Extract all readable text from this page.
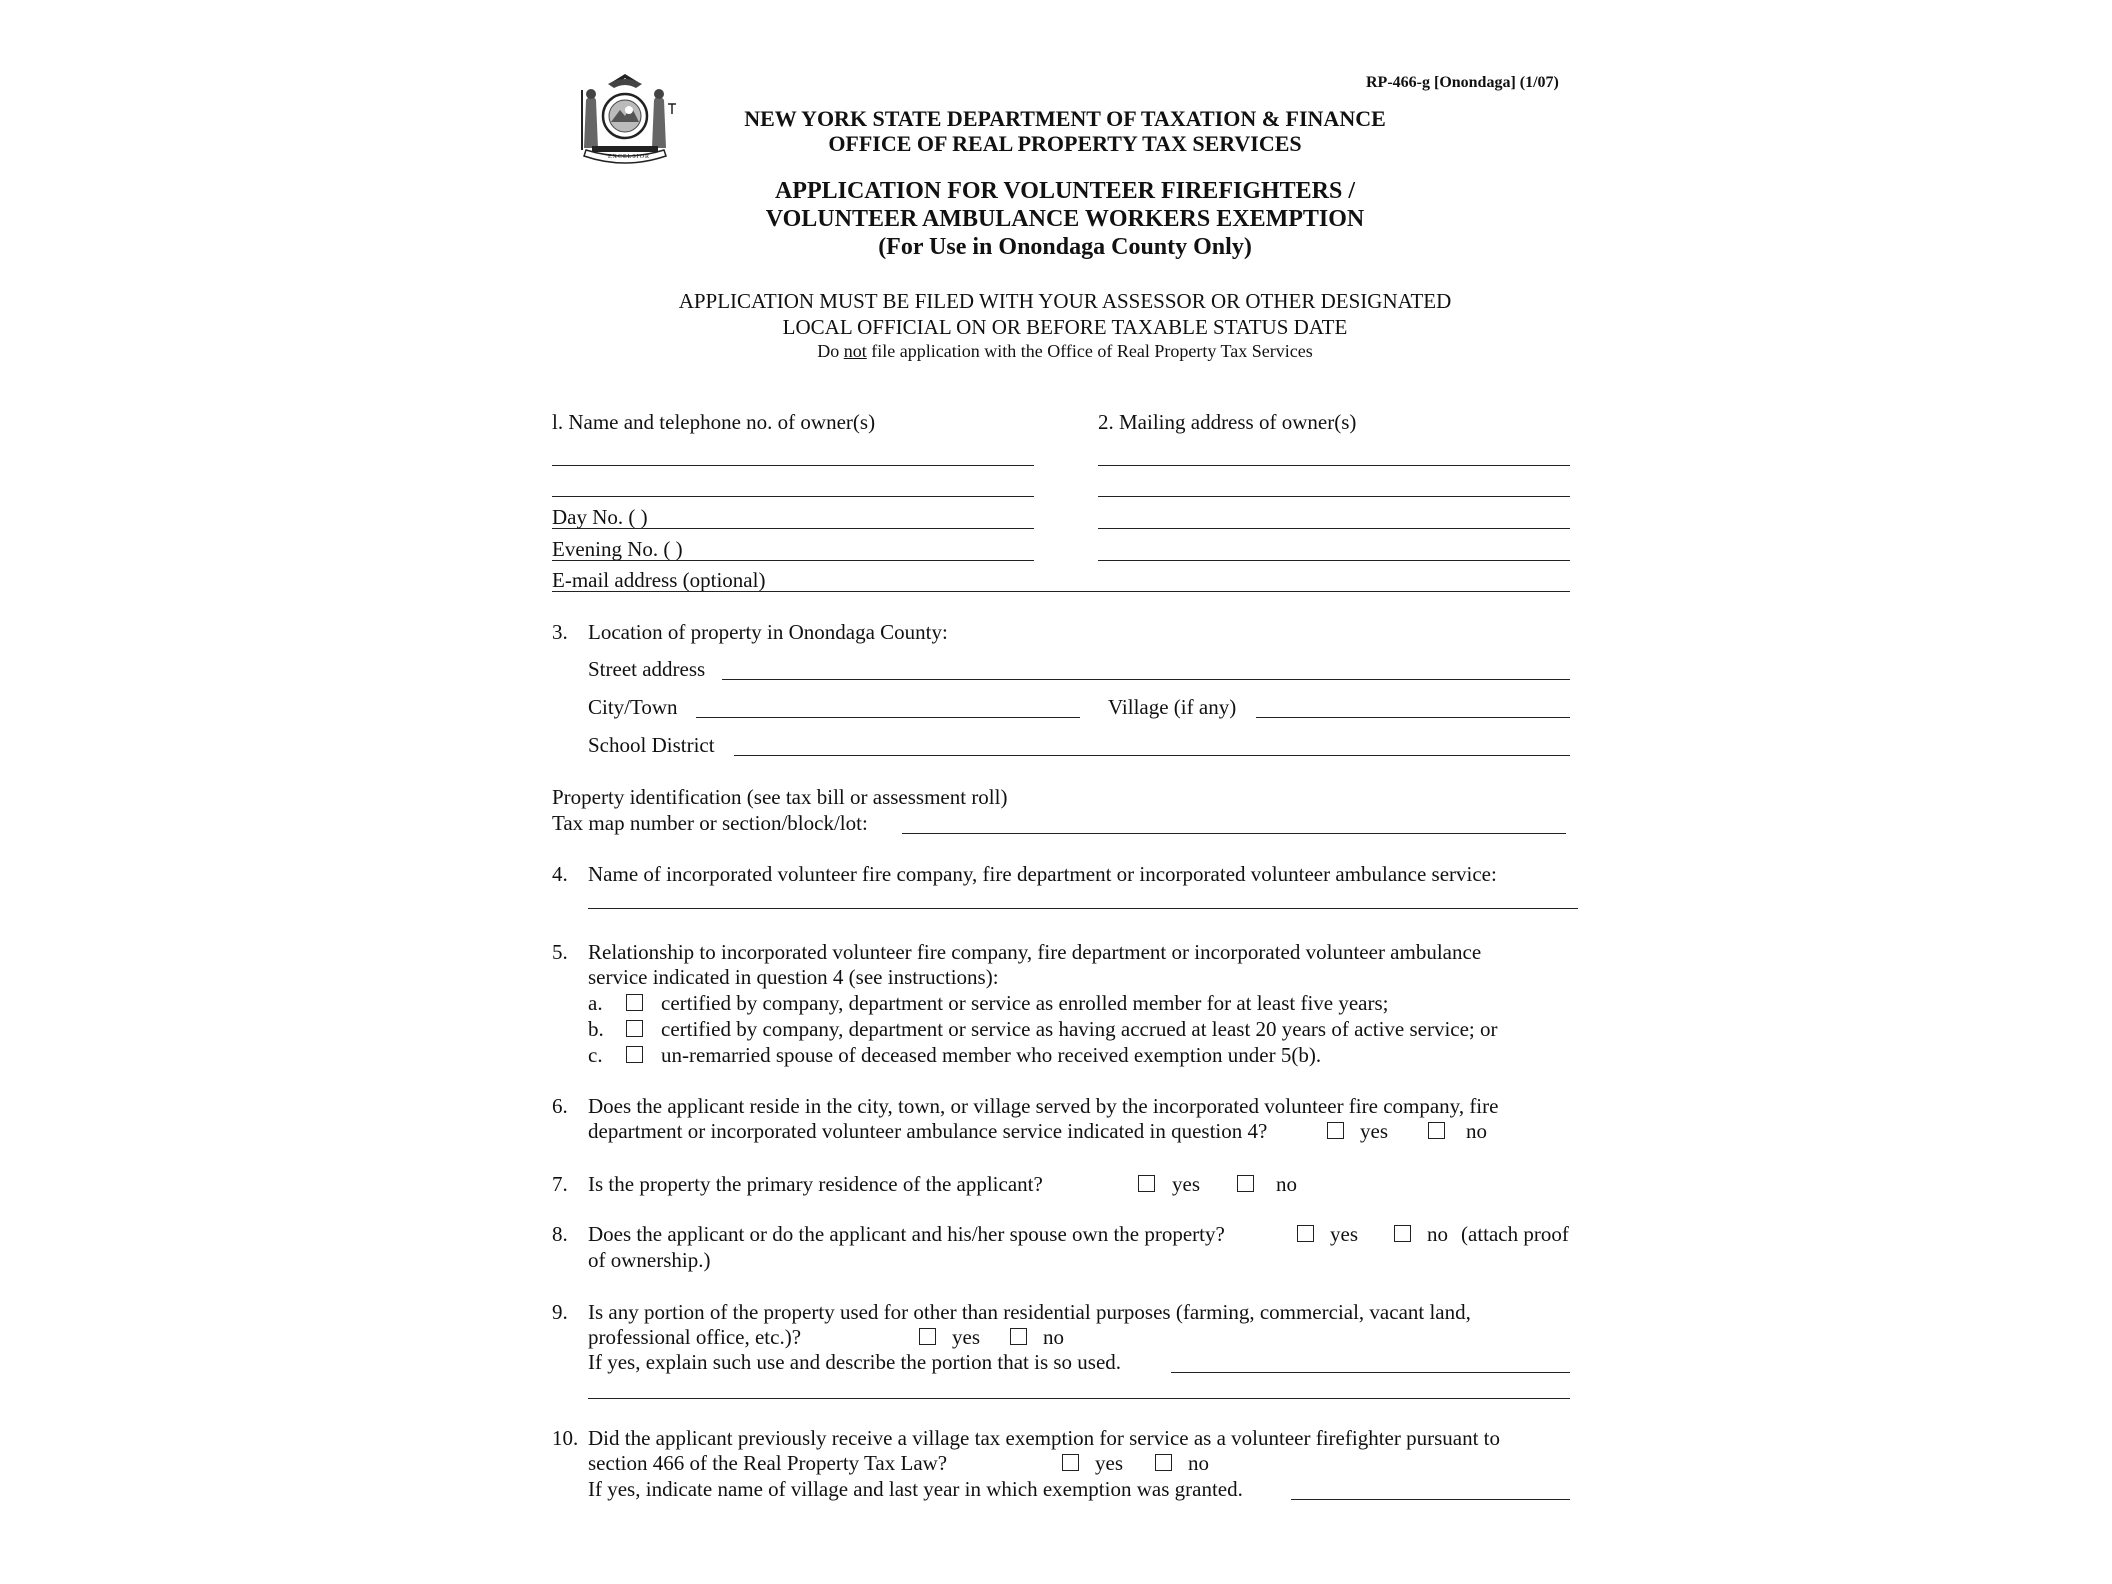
RP-466-g [Onondaga] (1/07)
EXCELSIOR
NEW YORK STATE DEPARTMENT OF TAXATION & FINANCE
OFFICE OF REAL PROPERTY TAX SERVICES
APPLICATION FOR VOLUNTEER FIREFIGHTERS /
VOLUNTEER AMBULANCE WORKERS EXEMPTION
(For Use in Onondaga County Only)
APPLICATION MUST BE FILED WITH YOUR ASSESSOR OR OTHER DESIGNATED
LOCAL OFFICIAL ON OR BEFORE TAXABLE STATUS DATE
Do not file application with the Office of Real Property Tax Services
l. Name and telephone no. of owner(s)	2. Mailing address of owner(s)
Day No. ( )
Evening No. ( )
E-mail address (optional)
3. Location of property in Onondaga County:
Street address
City/Town	Village (if any)
School District
Property identification (see tax bill or assessment roll)
Tax map number or section/block/lot:
4. Name of incorporated volunteer fire company, fire department or incorporated volunteer ambulance service:
5. Relationship to incorporated volunteer fire company, fire department or incorporated volunteer ambulance
service indicated in question 4 (see instructions):
a.	certified by company, department or service as enrolled member for at least five years;
b.	certified by company, department or service as having accrued at least 20 years of active service; or
c.	un-remarried spouse of deceased member who received exemption under 5(b).
6. Does the applicant reside in the city, town, or village served by the incorporated volunteer fire company, fire
department or incorporated volunteer ambulance service indicated in question 4?	yes	no
7. Is the property the primary residence of the applicant?	yes	no
8. Does the applicant or do the applicant and his/her spouse own the property?	yes	no (attach proof
of ownership.)
9. Is any portion of the property used for other than residential purposes (farming, commercial, vacant land,
professional office, etc.)?	yes	no
If yes, explain such use and describe the portion that is so used.
10. Did the applicant previously receive a village tax exemption for service as a volunteer firefighter pursuant to
section 466 of the Real Property Tax Law?	yes	no
If yes, indicate name of village and last year in which exemption was granted.
